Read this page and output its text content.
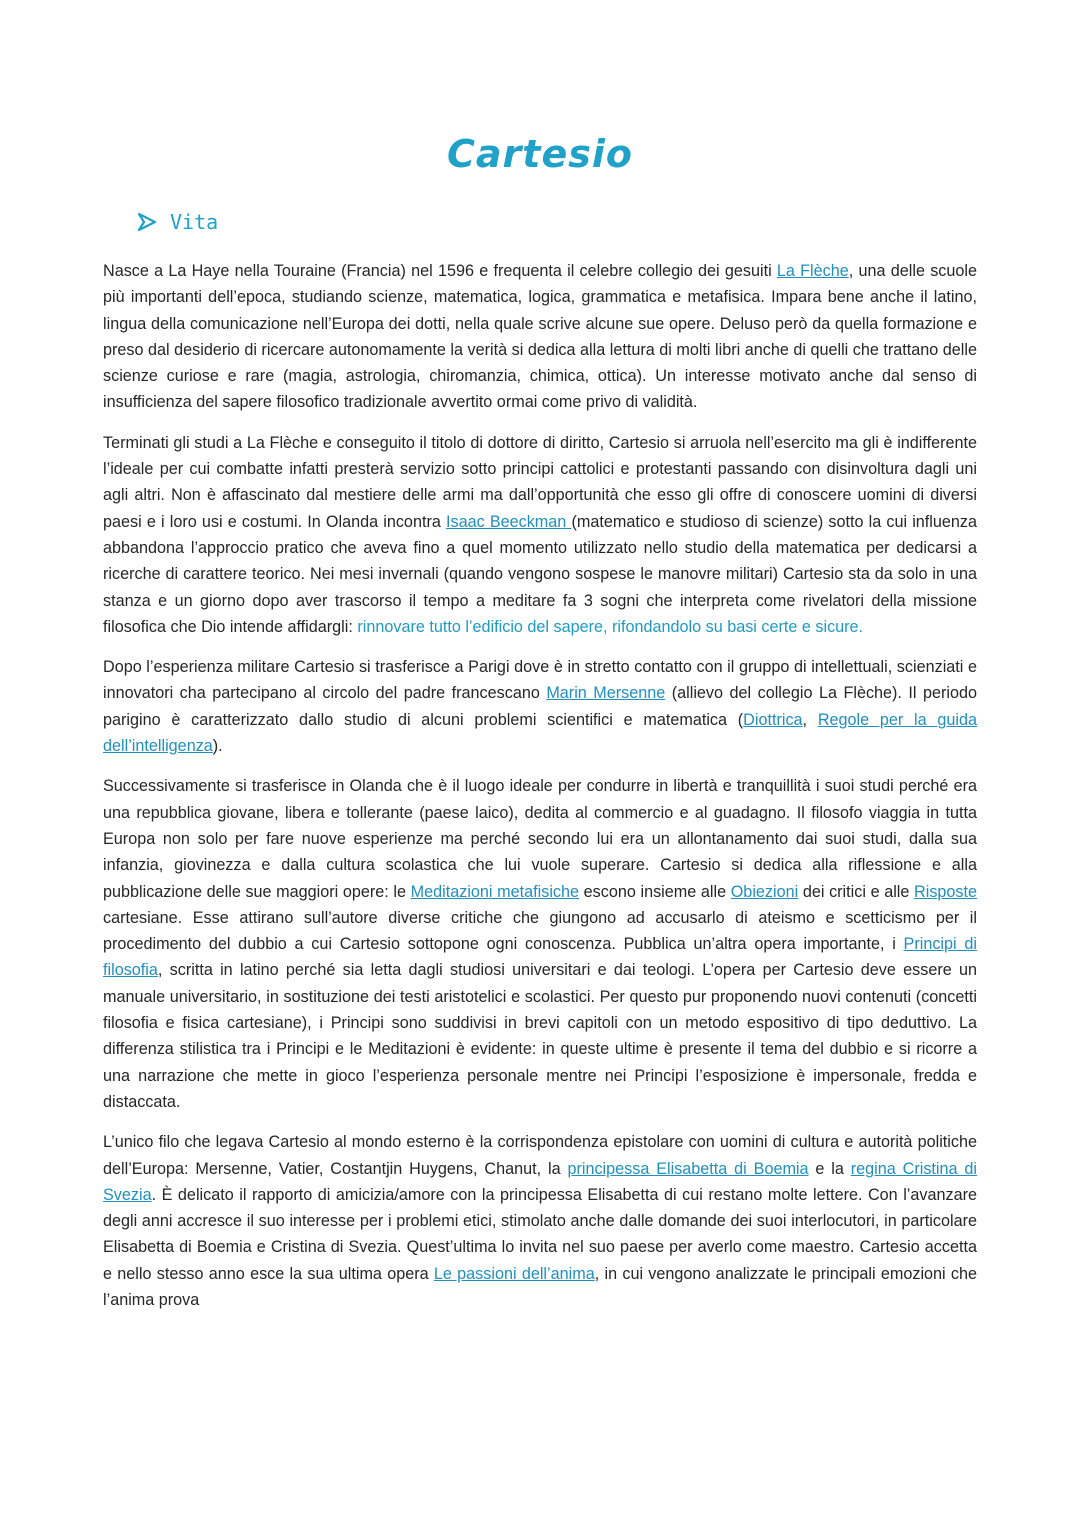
Cartesio
Vita

Nasce a La Haye nella Touraine (Francia) nel 1596 e frequenta il celebre collegio dei gesuiti La Flèche, una delle scuole più importanti dell’epoca, studiando scienze, matematica, logica, grammatica e metafisica. Impara bene anche il latino, lingua della comunicazione nell’Europa dei dotti, nella quale scrive alcune sue opere. Deluso però da quella formazione e preso dal desiderio di ricercare autonomamente la verità si dedica alla lettura di molti libri anche di quelli che trattano delle scienze curiose e rare (magia, astrologia, chiromanzia, chimica, ottica). Un interesse motivato anche dal senso di insufficienza del sapere filosofico tradizionale avvertito ormai come privo di validità.

Terminati gli studi a La Flèche e conseguito il titolo di dottore di diritto, Cartesio si arruola nell’esercito ma gli è indifferente l’ideale per cui combatte infatti presterà servizio sotto principi cattolici e protestanti passando con disinvoltura dagli uni agli altri. Non è affascinato dal mestiere delle armi ma dall’opportunità che esso gli offre di conoscere uomini di diversi paesi e i loro usi e costumi. In Olanda incontra Isaac Beeckman (matematico e studioso di scienze) sotto la cui influenza abbandona l’approccio pratico che aveva fino a quel momento utilizzato nello studio della matematica per dedicarsi a ricerche di carattere teorico. Nei mesi invernali (quando vengono sospese le manovre militari) Cartesio sta da solo in una stanza e un giorno dopo aver trascorso il tempo a meditare fa 3 sogni che interpreta come rivelatori della missione filosofica che Dio intende affidargli: rinnovare tutto l’edificio del sapere, rifondandolo su basi certe e sicure.

Dopo l’esperienza militare Cartesio si trasferisce a Parigi dove è in stretto contatto con il gruppo di intellettuali, scienziati e innovatori cha partecipano al circolo del padre francescano Marin Mersenne (allievo del collegio La Flèche). Il periodo parigino è caratterizzato dallo studio di alcuni problemi scientifici e matematica (Diottrica, Regole per la guida dell’intelligenza).

Successivamente si trasferisce in Olanda che è il luogo ideale per condurre in libertà e tranquillità i suoi studi perché era una repubblica giovane, libera e tollerante (paese laico), dedita al commercio e al guadagno. Il filosofo viaggia in tutta Europa non solo per fare nuove esperienze ma perché secondo lui era un allontanamento dai suoi studi, dalla sua infanzia, giovinezza e dalla cultura scolastica che lui vuole superare. Cartesio si dedica alla riflessione e alla pubblicazione delle sue maggiori opere: le Meditazioni metafisiche escono insieme alle Obiezioni dei critici e alle Risposte cartesiane. Esse attirano sull’autore diverse critiche che giungono ad accusarlo di ateismo e scetticismo per il procedimento del dubbio a cui Cartesio sottopone ogni conoscenza. Pubblica un’altra opera importante, i Principi di filosofia, scritta in latino perché sia letta dagli studiosi universitari e dai teologi. L’opera per Cartesio deve essere un manuale universitario, in sostituzione dei testi aristotelici e scolastici. Per questo pur proponendo nuovi contenuti (concetti filosofia e fisica cartesiane), i Principi sono suddivisi in brevi capitoli con un metodo espositivo di tipo deduttivo. La differenza stilistica tra i Principi e le Meditazioni è evidente: in queste ultime è presente il tema del dubbio e si ricorre a una narrazione che mette in gioco l’esperienza personale mentre nei Principi l’esposizione è impersonale, fredda e distaccata.

L’unico filo che legava Cartesio al mondo esterno è la corrispondenza epistolare con uomini di cultura e autorità politiche dell’Europa: Mersenne, Vatier, Costantjin Huygens, Chanut, la principessa Elisabetta di Boemia e la regina Cristina di Svezia. È delicato il rapporto di amicizia/amore con la principessa Elisabetta di cui restano molte lettere. Con l’avanzare degli anni accresce il suo interesse per i problemi etici, stimolato anche dalle domande dei suoi interlocutori, in particolare Elisabetta di Boemia e Cristina di Svezia. Quest’ultima lo invita nel suo paese per averlo come maestro. Cartesio accetta e nello stesso anno esce la sua ultima opera Le passioni dell’anima, in cui vengono analizzate le principali emozioni che l’anima prova
